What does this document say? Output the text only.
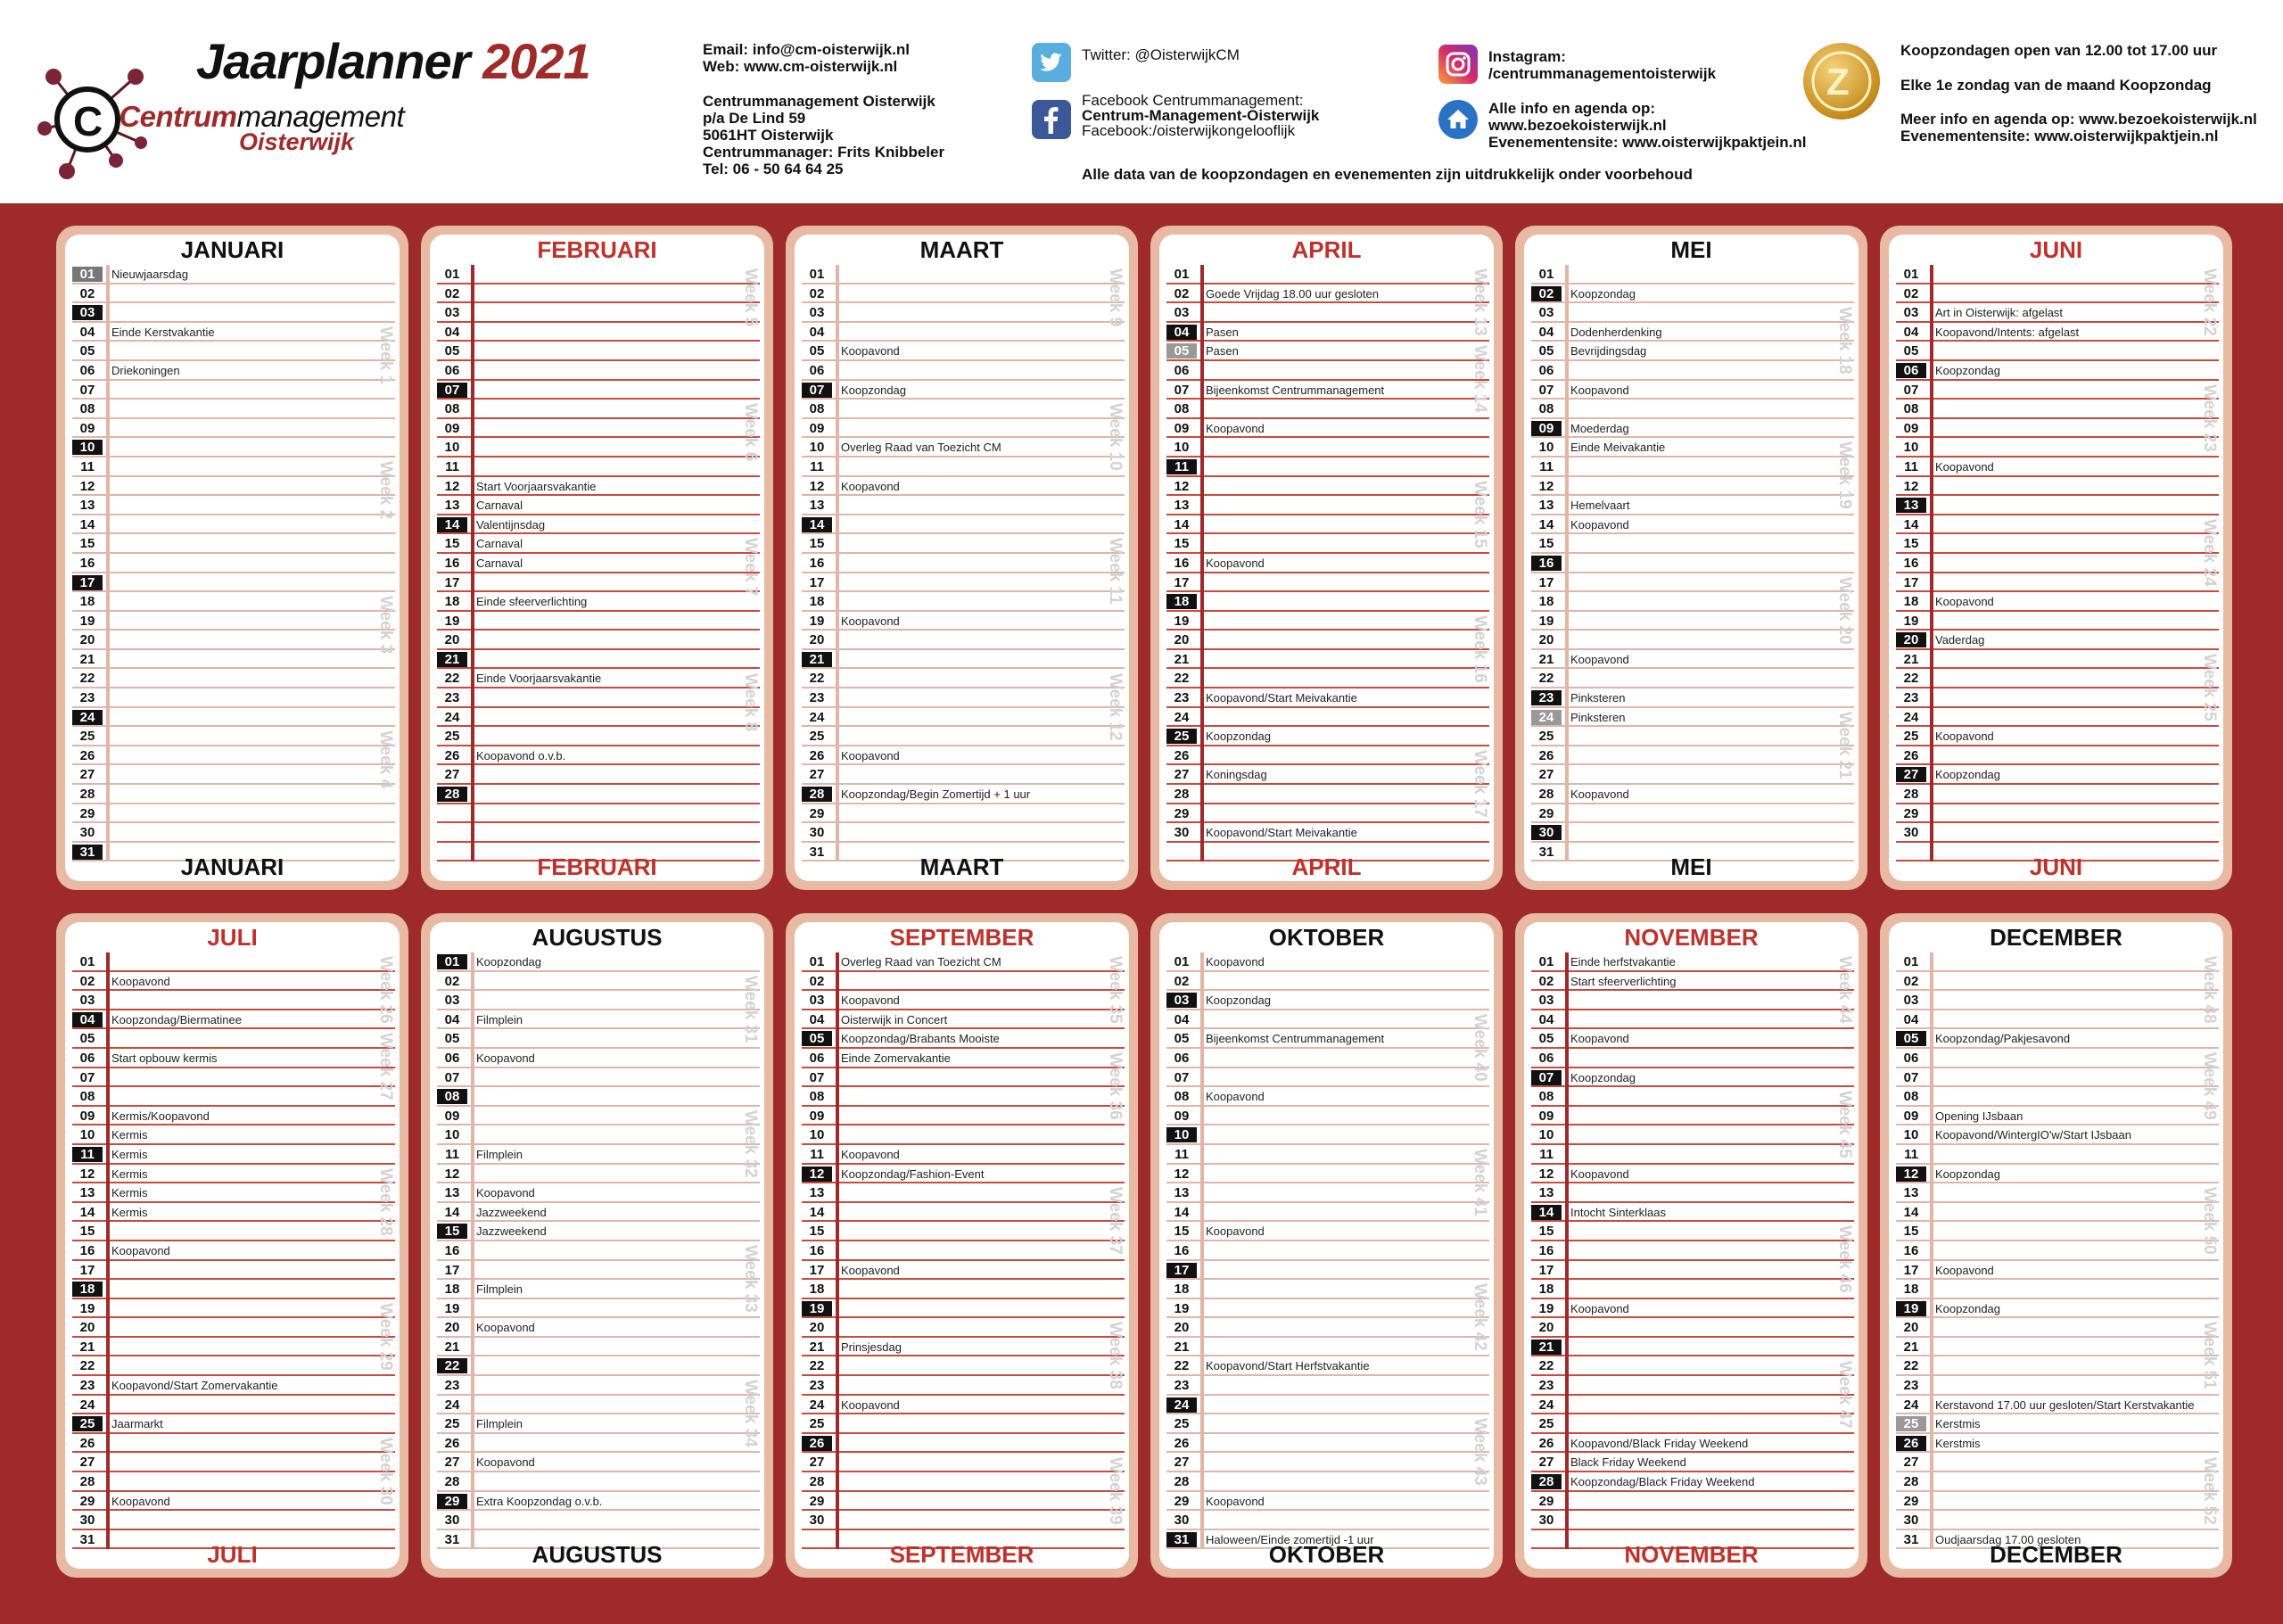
Jaarplanner 2021
C Centrummanagement
Oisterwijk
Email: info@cm-oisterwijk.nl
Web: www.cm-oisterwijk.nl
Centrummanagement Oisterwijk
p/a De Lind 59
5061HT Oisterwijk
Centrummanager: Frits Knibbeler
Tel: 06 - 50 64 64 25
Twitter: @OisterwijkCM
Facebook Centrummanagement:
Centrum-Management-Oisterwijk
Facebook:/oisterwijkongelooflijk
Instagram:
/centrummanagementoisterwijk
Alle info en agenda op:
www.bezoekoisterwijk.nl
Evenementensite: www.oisterwijkpaktjein.nl
Alle data van de koopzondagen en evenementen zijn uitdrukkelijk onder voorbehoud
Z
Koopzondagen open van 12.00 tot 17.00 uur
Elke 1e zondag van de maand Koopzondag
Meer info en agenda op: www.bezoekoisterwijk.nl
Evenementensite: www.oisterwijkpaktjein.nl
JANUARI
01	Nieuwjaarsdag
02
03
04	Einde Kerstvakantie
05
06	Driekoningen
07
08
09
10
11
12
13
14
15
16
17
18
19
20
21
22
23
24
25
26
27
28
29
30
31
Week 1
Week 2
Week 3
Week 4
JANUARI
FEBRUARI
01
02
03
04
05
06
07
08
09
10
11
12	Start Voorjaarsvakantie
13	Carnaval
14	Valentijnsdag
15	Carnaval
16	Carnaval
17
18	Einde sfeerverlichting
19
20
21
22	Einde Voorjaarsvakantie
23
24
25
26	Koopavond o.v.b.
27
28
Week 5
Week 6
Week 7
Week 8
FEBRUARI
MAART
01
02
03
04
05	Koopavond
06
07	Koopzondag
08
09
10	Overleg Raad van Toezicht CM
11
12	Koopavond
13
14
15
16
17
18
19	Koopavond
20
21
22
23
24
25
26	Koopavond
27
28	Koopzondag/Begin Zomertijd + 1 uur
29
30
31
Week 9
Week 10
Week 11
Week 12
MAART
APRIL
01
02	Goede Vrijdag 18.00 uur gesloten
03
04	Pasen
05	Pasen
06
07	Bijeenkomst Centrummanagement
08
09	Koopavond
10
11
12
13
14
15
16	Koopavond
17
18
19
20
21
22
23	Koopavond/Start Meivakantie
24
25	Koopzondag
26
27	Koningsdag
28
29
30	Koopavond/Start Meivakantie
Week 13
Week 14
Week 15
Week 16
Week 17
APRIL
MEI
01
02	Koopzondag
03
04	Dodenherdenking
05	Bevrijdingsdag
06
07	Koopavond
08
09	Moederdag
10	Einde Meivakantie
11
12
13	Hemelvaart
14	Koopavond
15
16
17
18
19
20
21	Koopavond
22
23	Pinksteren
24	Pinksteren
25
26
27
28	Koopavond
29
30
31
Week 18
Week 19
Week 20
Week 21
MEI
JUNI
01
02
03	Art in Oisterwijk: afgelast
04	Koopavond/Intents: afgelast
05
06	Koopzondag
07
08
09
10
11	Koopavond
12
13
14
15
16
17
18	Koopavond
19
20	Vaderdag
21
22
23
24
25	Koopavond
26
27	Koopzondag
28
29
30
Week 22
Week 23
Week 24
Week 25
JUNI
JULI
01
02	Koopavond
03
04	Koopzondag/Biermatinee
05
06	Start opbouw kermis
07
08
09	Kermis/Koopavond
10	Kermis
11	Kermis
12	Kermis
13	Kermis
14	Kermis
15
16	Koopavond
17
18
19
20
21
22
23	Koopavond/Start Zomervakantie
24
25	Jaarmarkt
26
27
28
29	Koopavond
30
31
Week 26
Week 27
Week 28
Week 29
Week 30
JULI
AUGUSTUS
01	Koopzondag
02
03
04	Filmplein
05
06	Koopavond
07
08
09
10
11	Filmplein
12
13	Koopavond
14	Jazzweekend
15	Jazzweekend
16
17
18	Filmplein
19
20	Koopavond
21
22
23
24
25	Filmplein
26
27	Koopavond
28
29	Extra Koopzondag o.v.b.
30
31
Week 31
Week 32
Week 33
Week 34
AUGUSTUS
SEPTEMBER
01	Overleg Raad van Toezicht CM
02
03	Koopavond
04	Oisterwijk in Concert
05	Koopzondag/Brabants Mooiste
06	Einde Zomervakantie
07
08
09
10
11	Koopavond
12	Koopzondag/Fashion-Event
13
14
15
16
17	Koopavond
18
19
20
21	Prinsjesdag
22
23
24	Koopavond
25
26
27
28
29
30
Week 35
Week 36
Week 37
Week 38
Week 39
SEPTEMBER
OKTOBER
01	Koopavond
02
03	Koopzondag
04
05	Bijeenkomst Centrummanagement
06
07
08	Koopavond
09
10
11
12
13
14
15	Koopavond
16
17
18
19
20
21
22	Koopavond/Start Herfstvakantie
23
24
25
26
27
28
29	Koopavond
30
31	Haloween/Einde zomertijd -1 uur
Week 40
Week 41
Week 42
Week 43
OKTOBER
NOVEMBER
01	Einde herfstvakantie
02	Start sfeerverlichting
03
04
05	Koopavond
06
07	Koopzondag
08
09
10
11
12	Koopavond
13
14	Intocht Sinterklaas
15
16
17
18
19	Koopavond
20
21
22
23
24
25
26	Koopavond/Black Friday Weekend
27	Black Friday Weekend
28	Koopzondag/Black Friday Weekend
29
30
Week 44
Week 45
Week 46
Week 47
NOVEMBER
DECEMBER
01
02
03
04
05	Koopzondag/Pakjesavond
06
07
08
09	Opening IJsbaan
10	Koopavond/WintergIO'w/Start IJsbaan
11
12	Koopzondag
13
14
15
16
17	Koopavond
18
19	Koopzondag
20
21
22
23
24	Kerstavond 17.00 uur gesloten/Start Kerstvakantie
25	Kerstmis
26	Kerstmis
27
28
29
30
31	Oudjaarsdag 17.00 gesloten
Week 48
Week 49
Week 50
Week 51
Week 52
DECEMBER
